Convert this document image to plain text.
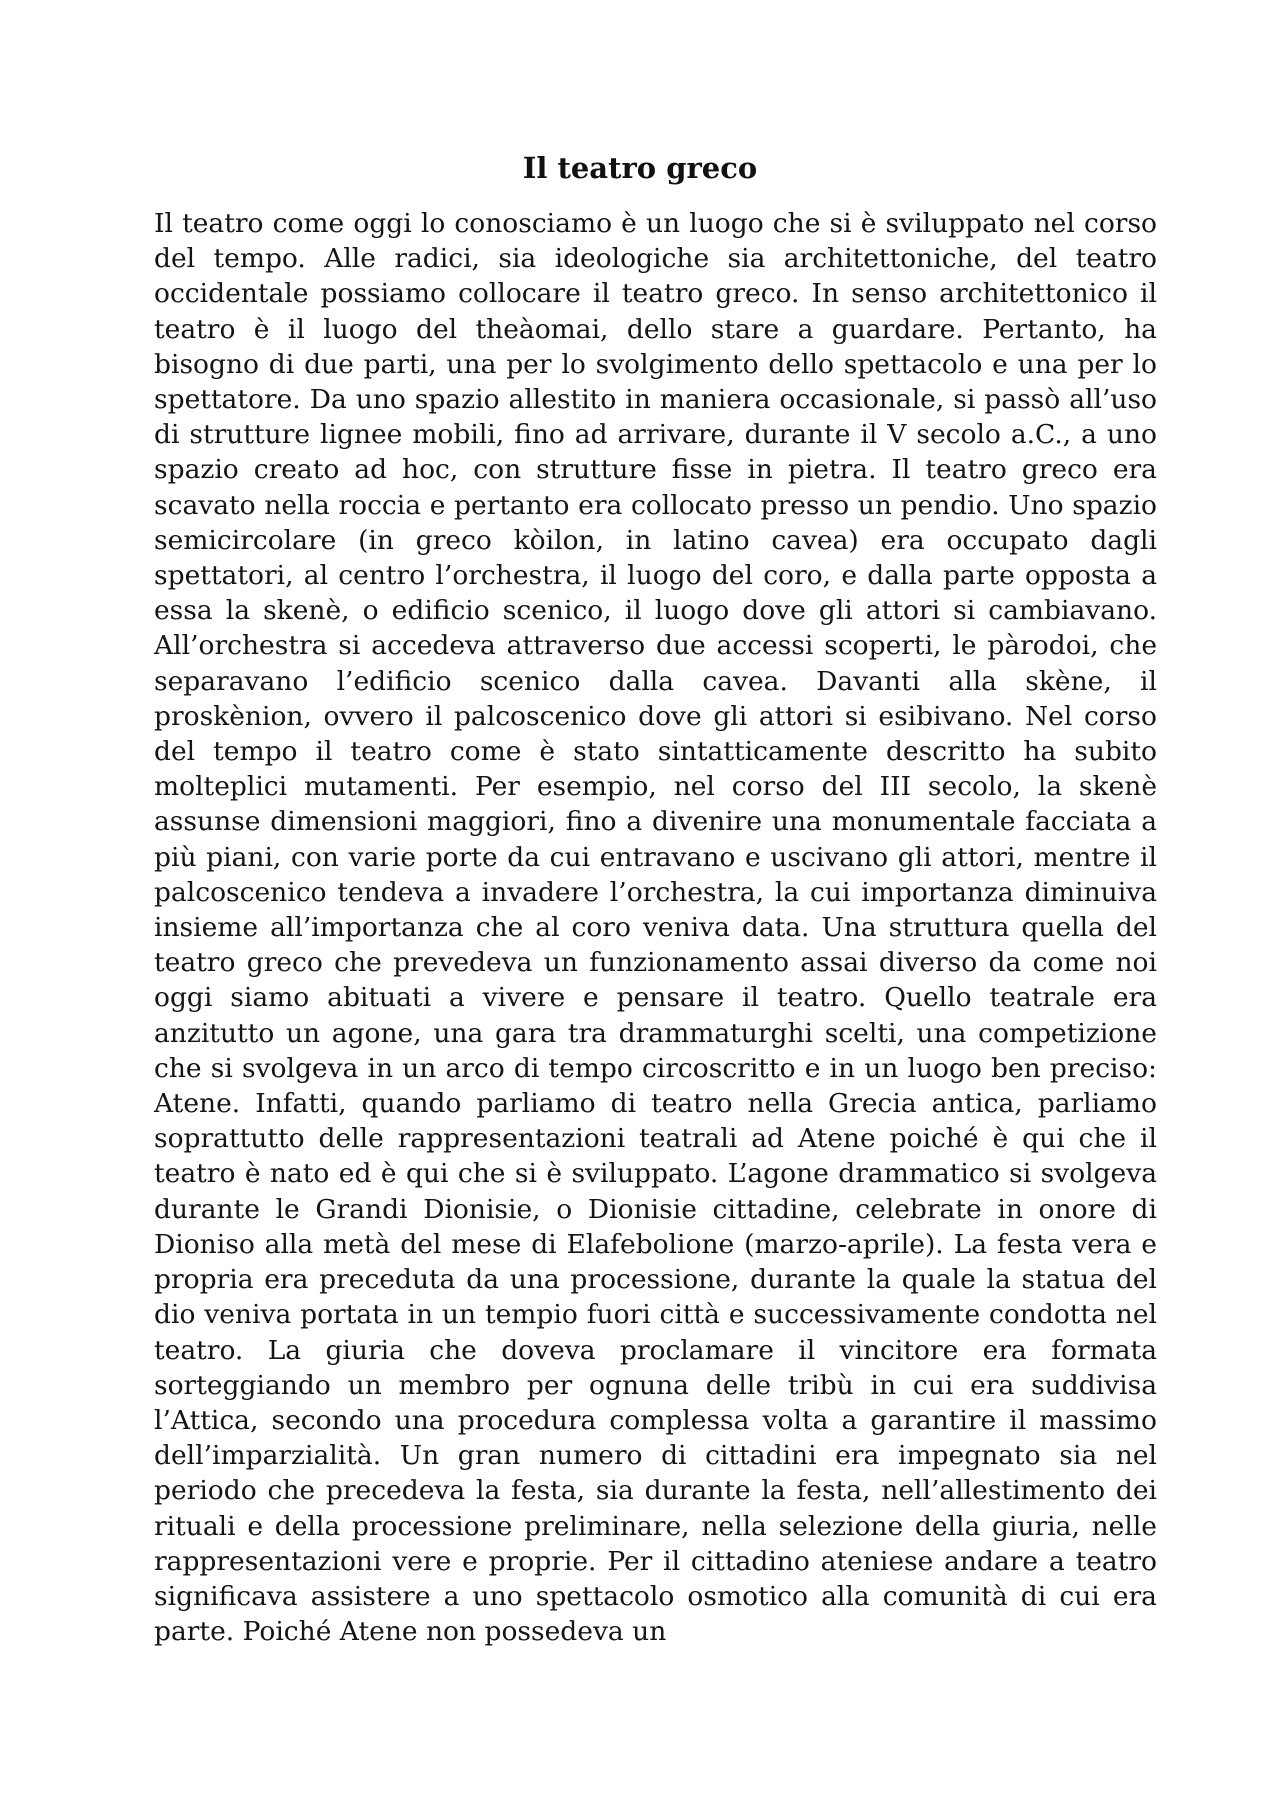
Il teatro greco

Il teatro come oggi lo conosciamo è un luogo che si è sviluppato nel corso del tempo. Alle radici, sia ideologiche sia architettoniche, del teatro occidentale possiamo collocare il teatro greco. In senso architettonico il teatro è il luogo del theàomai, dello stare a guardare. Pertanto, ha bisogno di due parti, una per lo svolgimento dello spettacolo e una per lo spettatore. Da uno spazio allestito in maniera occasionale, si passò all’uso di strutture lignee mobili, fino ad arrivare, durante il V secolo a.C., a uno spazio creato ad hoc, con strutture fisse in pietra. Il teatro greco era scavato nella roccia e pertanto era collocato presso un pendio. Uno spazio semicircolare (in greco kòilon, in latino cavea) era occupato dagli spettatori, al centro l’orchestra, il luogo del coro, e dalla parte opposta a essa la skenè, o edificio scenico, il luogo dove gli attori si cambiavano. All’orchestra si accedeva attraverso due accessi scoperti, le pàrodoi, che separavano l’edificio scenico dalla cavea. Davanti alla skène, il proskènion, ovvero il palcoscenico dove gli attori si esibivano. Nel corso del tempo il teatro come è stato sintatticamente descritto ha subito molteplici mutamenti. Per esempio, nel corso del III secolo, la skenè assunse dimensioni maggiori, fino a divenire una monumentale facciata a più piani, con varie porte da cui entravano e uscivano gli attori, mentre il palcoscenico tendeva a invadere l’orchestra, la cui importanza diminuiva insieme all’importanza che al coro veniva data. Una struttura quella del teatro greco che prevedeva un funzionamento assai diverso da come noi oggi siamo abituati a vivere e pensare il teatro. Quello teatrale era anzitutto un agone, una gara tra drammaturghi scelti, una competizione che si svolgeva in un arco di tempo circoscritto e in un luogo ben preciso: Atene. Infatti, quando parliamo di teatro nella Grecia antica, parliamo soprattutto delle rappresentazioni teatrali ad Atene poiché è qui che il teatro è nato ed è qui che si è sviluppato. L’agone drammatico si svolgeva durante le Grandi Dionisie, o Dionisie cittadine, celebrate in onore di Dioniso alla metà del mese di Elafebolione (marzo-aprile). La festa vera e propria era preceduta da una processione, durante la quale la statua del dio veniva portata in un tempio fuori città e successivamente condotta nel teatro. La giuria che doveva proclamare il vincitore era formata sorteggiando un membro per ognuna delle tribù in cui era suddivisa l’Attica, secondo una procedura complessa volta a garantire il massimo dell’imparzialità. Un gran numero di cittadini era impegnato sia nel periodo che precedeva la festa, sia durante la festa, nell’allestimento dei rituali e della processione preliminare, nella selezione della giuria, nelle rappresentazioni vere e proprie. Per il cittadino ateniese andare a teatro significava assistere a uno spettacolo osmotico alla comunità di cui era parte. Poiché Atene non possedeva un
